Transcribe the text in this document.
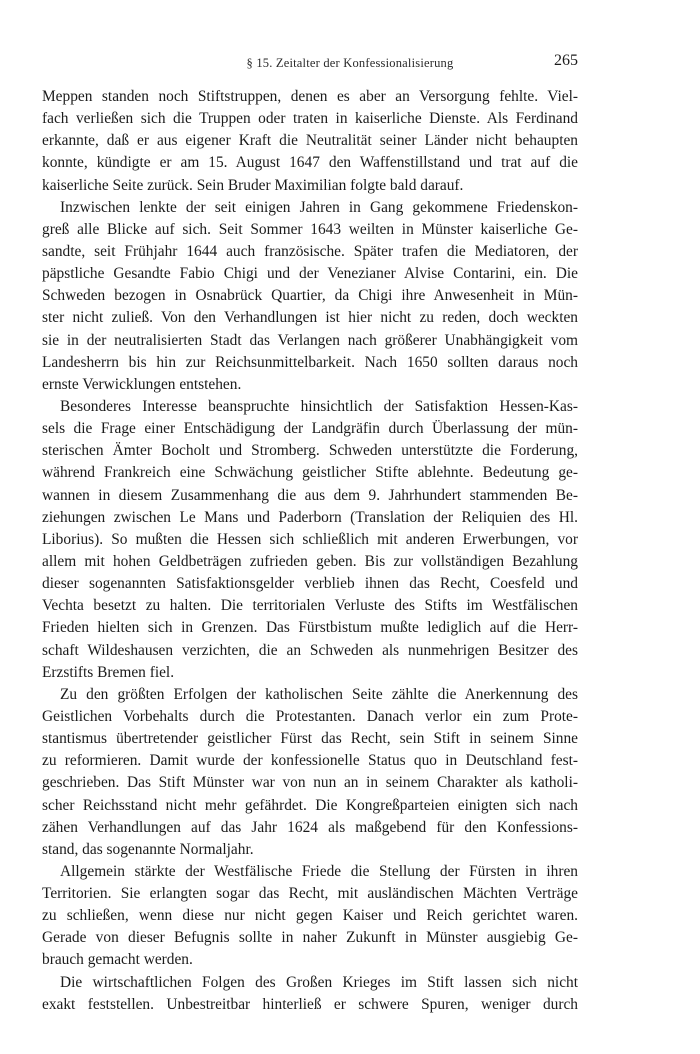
§ 15. Zeitalter der Konfessionalisierung	265
Meppen standen noch Stiftstruppen, denen es aber an Versorgung fehlte. Viel-
fach verließen sich die Truppen oder traten in kaiserliche Dienste. Als Ferdinand
erkannte, daß er aus eigener Kraft die Neutralität seiner Länder nicht behaupten
konnte, kündigte er am 15. August 1647 den Waffenstillstand und trat auf die
kaiserliche Seite zurück. Sein Bruder Maximilian folgte bald darauf.
Inzwischen lenkte der seit einigen Jahren in Gang gekommene Friedenskon-
greß alle Blicke auf sich. Seit Sommer 1643 weilten in Münster kaiserliche Ge-
sandte, seit Frühjahr 1644 auch französische. Später trafen die Mediatoren, der
päpstliche Gesandte Fabio Chigi und der Venezianer Alvise Contarini, ein. Die
Schweden bezogen in Osnabrück Quartier, da Chigi ihre Anwesenheit in Mün-
ster nicht zuließ. Von den Verhandlungen ist hier nicht zu reden, doch weckten
sie in der neutralisierten Stadt das Verlangen nach größerer Unabhängigkeit vom
Landesherrn bis hin zur Reichsunmittelbarkeit. Nach 1650 sollten daraus noch
ernste Verwicklungen entstehen.
Besonderes Interesse beanspruchte hinsichtlich der Satisfaktion Hessen-Kas-
sels die Frage einer Entschädigung der Landgräfin durch Überlassung der mün-
sterischen Ämter Bocholt und Stromberg. Schweden unterstützte die Forderung,
während Frankreich eine Schwächung geistlicher Stifte ablehnte. Bedeutung ge-
wannen in diesem Zusammenhang die aus dem 9. Jahrhundert stammenden Be-
ziehungen zwischen Le Mans und Paderborn (Translation der Reliquien des Hl.
Liborius). So mußten die Hessen sich schließlich mit anderen Erwerbungen, vor
allem mit hohen Geldbeträgen zufrieden geben. Bis zur vollständigen Bezahlung
dieser sogenannten Satisfaktionsgelder verblieb ihnen das Recht, Coesfeld und
Vechta besetzt zu halten. Die territorialen Verluste des Stifts im Westfälischen
Frieden hielten sich in Grenzen. Das Fürstbistum mußte lediglich auf die Herr-
schaft Wildeshausen verzichten, die an Schweden als nunmehrigen Besitzer des
Erzstifts Bremen fiel.
Zu den größten Erfolgen der katholischen Seite zählte die Anerkennung des
Geistlichen Vorbehalts durch die Protestanten. Danach verlor ein zum Prote-
stantismus übertretender geistlicher Fürst das Recht, sein Stift in seinem Sinne
zu reformieren. Damit wurde der konfessionelle Status quo in Deutschland fest-
geschrieben. Das Stift Münster war von nun an in seinem Charakter als katholi-
scher Reichsstand nicht mehr gefährdet. Die Kongreßparteien einigten sich nach
zähen Verhandlungen auf das Jahr 1624 als maßgebend für den Konfessions-
stand, das sogenannte Normaljahr.
Allgemein stärkte der Westfälische Friede die Stellung der Fürsten in ihren
Territorien. Sie erlangten sogar das Recht, mit ausländischen Mächten Verträge
zu schließen, wenn diese nur nicht gegen Kaiser und Reich gerichtet waren.
Gerade von dieser Befugnis sollte in naher Zukunft in Münster ausgiebig Ge-
brauch gemacht werden.
Die wirtschaftlichen Folgen des Großen Krieges im Stift lassen sich nicht
exakt feststellen. Unbestreitbar hinterließ er schwere Spuren, weniger durch
